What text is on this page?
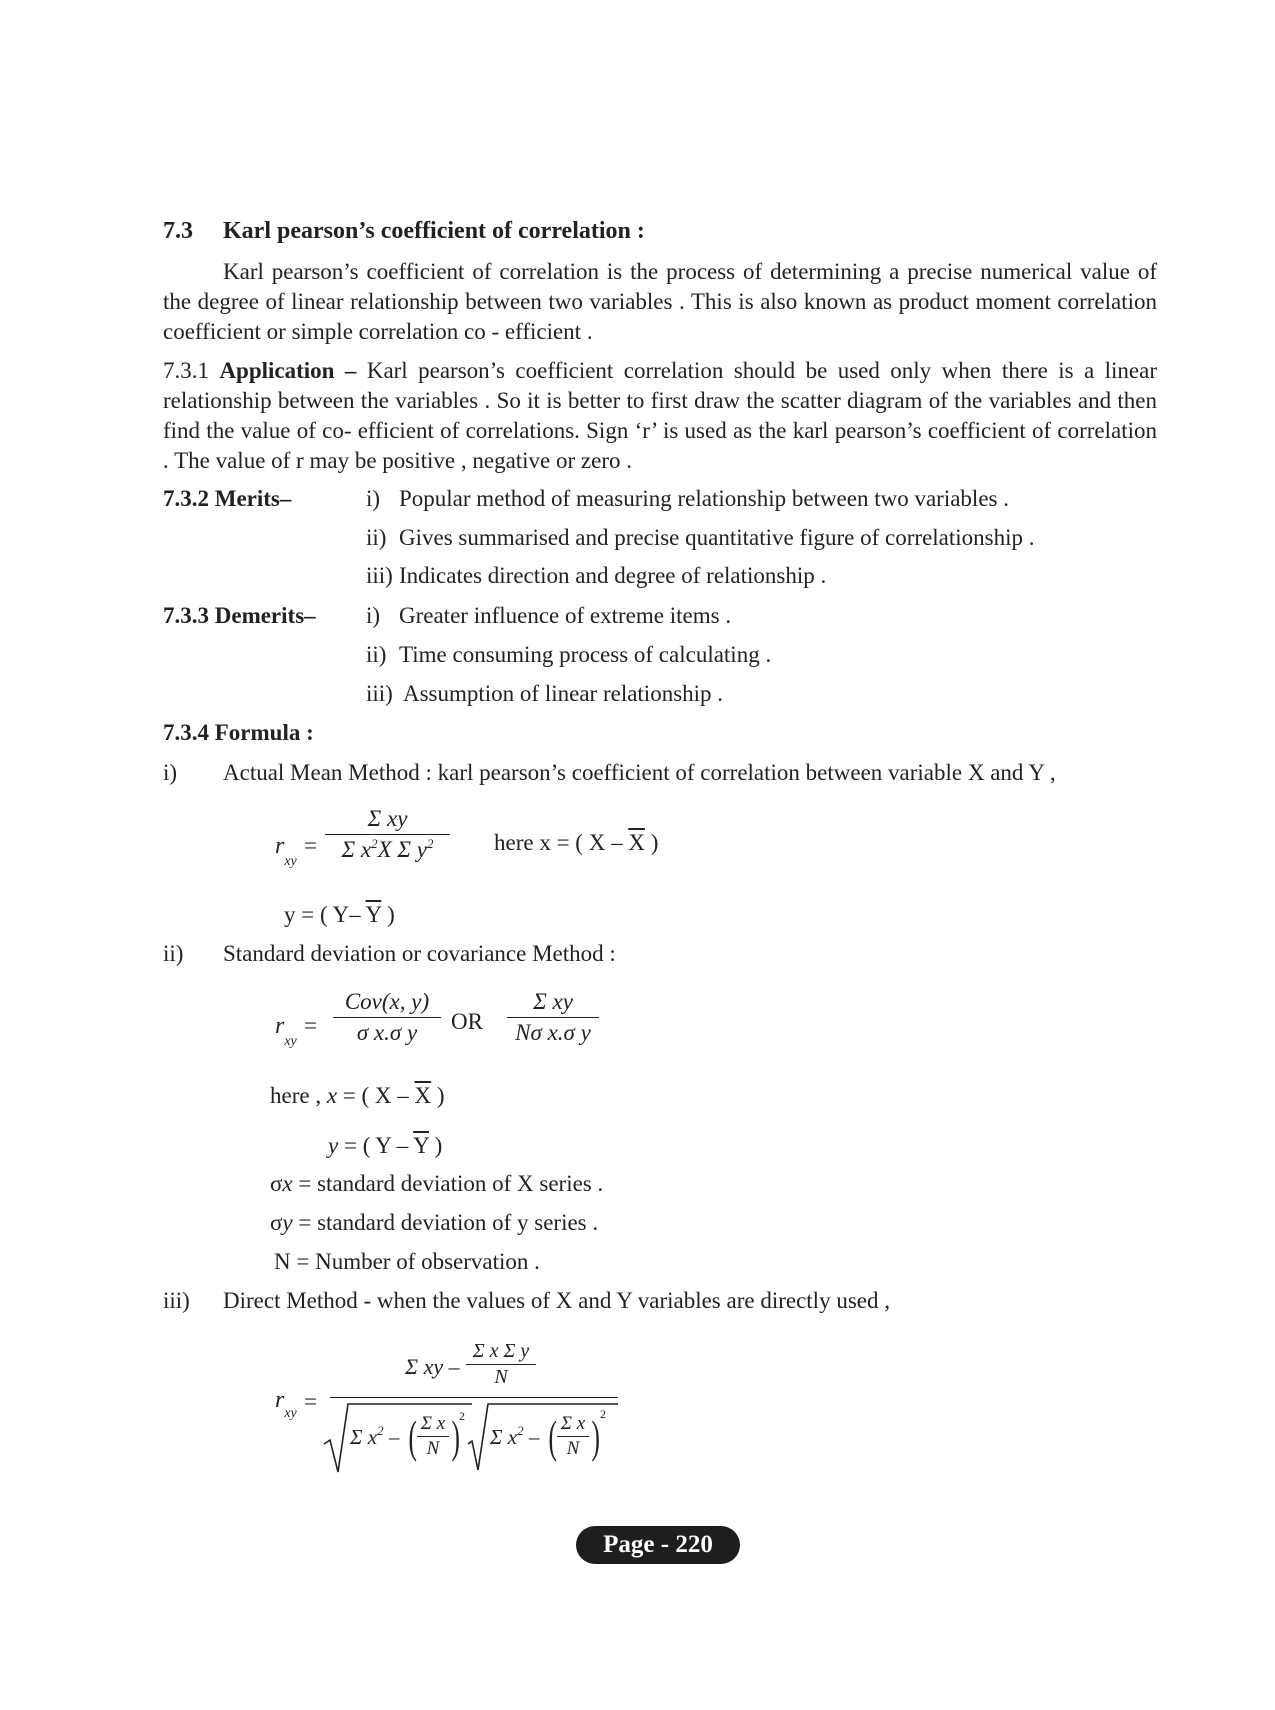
7.3 Karl pearson’s coefficient of correlation :
Karl pearson’s coefficient of correlation is the process of determining a precise numerical value of the degree of linear relationship between two variables . This is also known as product moment correlation coefficient or simple correlation co - efficient .
7.3.1 Application – Karl pearson’s coefficient correlation should be used only when there is a linear relationship between the variables . So it is better to first draw the scatter diagram of the variables and then find the value of co- efficient of correlations. Sign ‘r’ is used as the karl pearson’s coefficient of correlation . The value of r may be positive , negative or zero .
7.3.2 Merits–	i) Popular method of measuring relationship between two variables .
ii) Gives summarised and precise quantitative figure of correlationship .
iii) Indicates direction and degree of relationship .
7.3.3 Demerits– i) Greater influence of extreme items .
ii) Time consuming process of calculating .
iii) Assumption of linear relationship .
7.3.4 Formula :
i) Actual Mean Method : karl pearson’s coefficient of correlation between variable X and Y ,
$r_{xy}$
=
Σ xy
Σ $x^2X$ Σ $y^2$	here x = ( X – $\overline{X}$ )
y = ( Y– $\overline{Y}$ )
ii) Standard deviation or covariance Method :
$r_{xy}$
=
Cov(x, y)
σ x.σ y	OR
Σ xy
Nσ x.σ y
here , x = ( X – $\overline{X}$ )
y = ( Y – $\overline{Y}$ )
σx = standard deviation of X series .
σy = standard deviation of y series .
N = Number of observation .
iii) Direct Method - when the values of X and Y variables are directly used ,
$r_{xy}$ =
Σ xy –
Σ x Σ y
N
Σ $x^2$ – ( Σ x
N ) 2
Σ $x^2$ – ( Σ x
N ) 2
Page - 220
